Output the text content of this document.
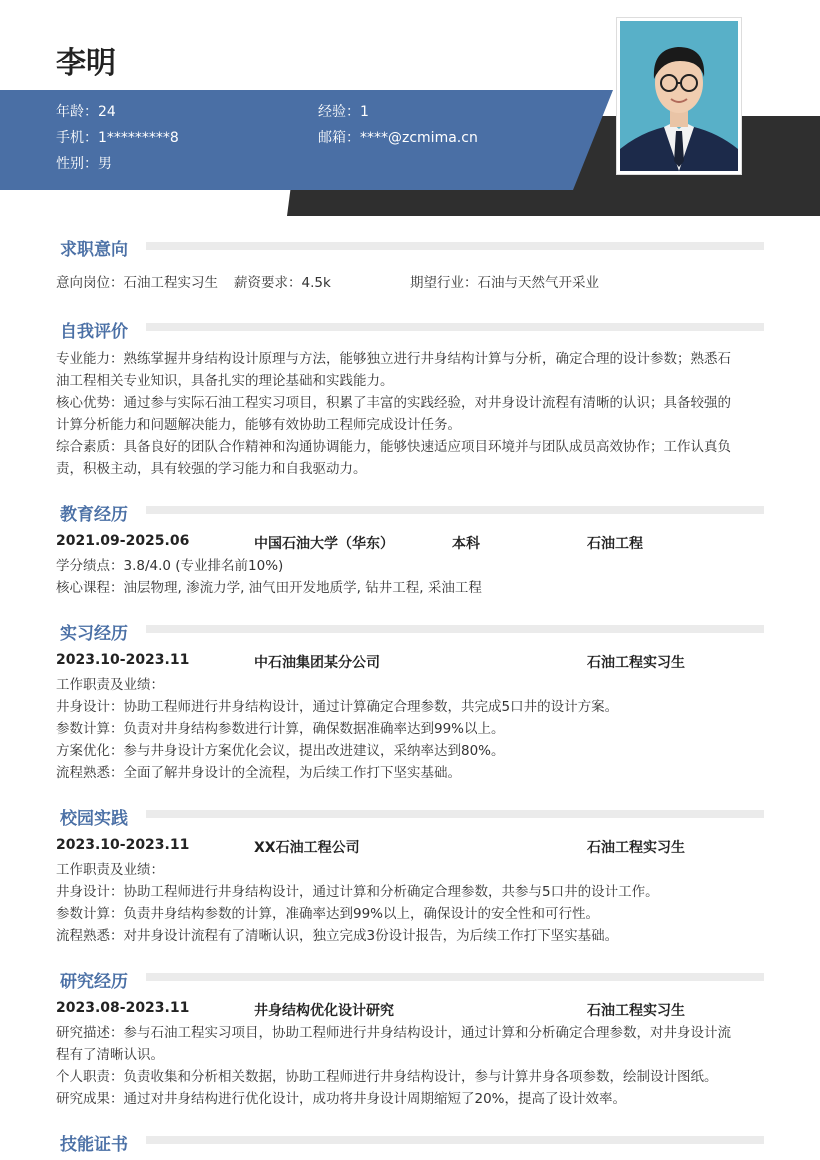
李明
年龄：24	经验：1
手机：1*********8	邮箱：****@zcmima.cn
性别：男
求职意向
意向岗位：石油工程实习生 薪资要求：4.5k	期望行业：石油与天然气开采业
自我评价
专业能力：熟练掌握井身结构设计原理与方法，能够独立进行井身结构计算与分析，确定合理的设计参数；熟悉石
油工程相关专业知识，具备扎实的理论基础和实践能力。
核心优势：通过参与实际石油工程实习项目，积累了丰富的实践经验，对井身设计流程有清晰的认识；具备较强的
计算分析能力和问题解决能力，能够有效协助工程师完成设计任务。
综合素质：具备良好的团队合作精神和沟通协调能力，能够快速适应项目环境并与团队成员高效协作；工作认真负
责，积极主动，具有较强的学习能力和自我驱动力。
教育经历
2021.09-2025.06	中国石油大学（华东）	本科	石油工程
学分绩点：3.8/4.0 (专业排名前10%)
核心课程：油层物理, 渗流力学, 油气田开发地质学, 钻井工程, 采油工程
实习经历
2023.10-2023.11	中石油集团某分公司	石油工程实习生
工作职责及业绩：
井身设计：协助工程师进行井身结构设计，通过计算确定合理参数，共完成5口井的设计方案。
参数计算：负责对井身结构参数进行计算，确保数据准确率达到99%以上。
方案优化：参与井身设计方案优化会议，提出改进建议，采纳率达到80%。
流程熟悉：全面了解井身设计的全流程，为后续工作打下坚实基础。
校园实践
2023.10-2023.11	XX石油工程公司	石油工程实习生
工作职责及业绩：
井身设计：协助工程师进行井身结构设计，通过计算和分析确定合理参数，共参与5口井的设计工作。
参数计算：负责井身结构参数的计算，准确率达到99%以上，确保设计的安全性和可行性。
流程熟悉：对井身设计流程有了清晰认识，独立完成3份设计报告，为后续工作打下坚实基础。
研究经历
2023.08-2023.11	井身结构优化设计研究	石油工程实习生
研究描述：参与石油工程实习项目，协助工程师进行井身结构设计，通过计算和分析确定合理参数，对井身设计流
程有了清晰认识。
个人职责：负责收集和分析相关数据，协助工程师进行井身结构设计，参与计算井身各项参数，绘制设计图纸。
研究成果：通过对井身结构进行优化设计，成功将井身设计周期缩短了20%，提高了设计效率。
技能证书
